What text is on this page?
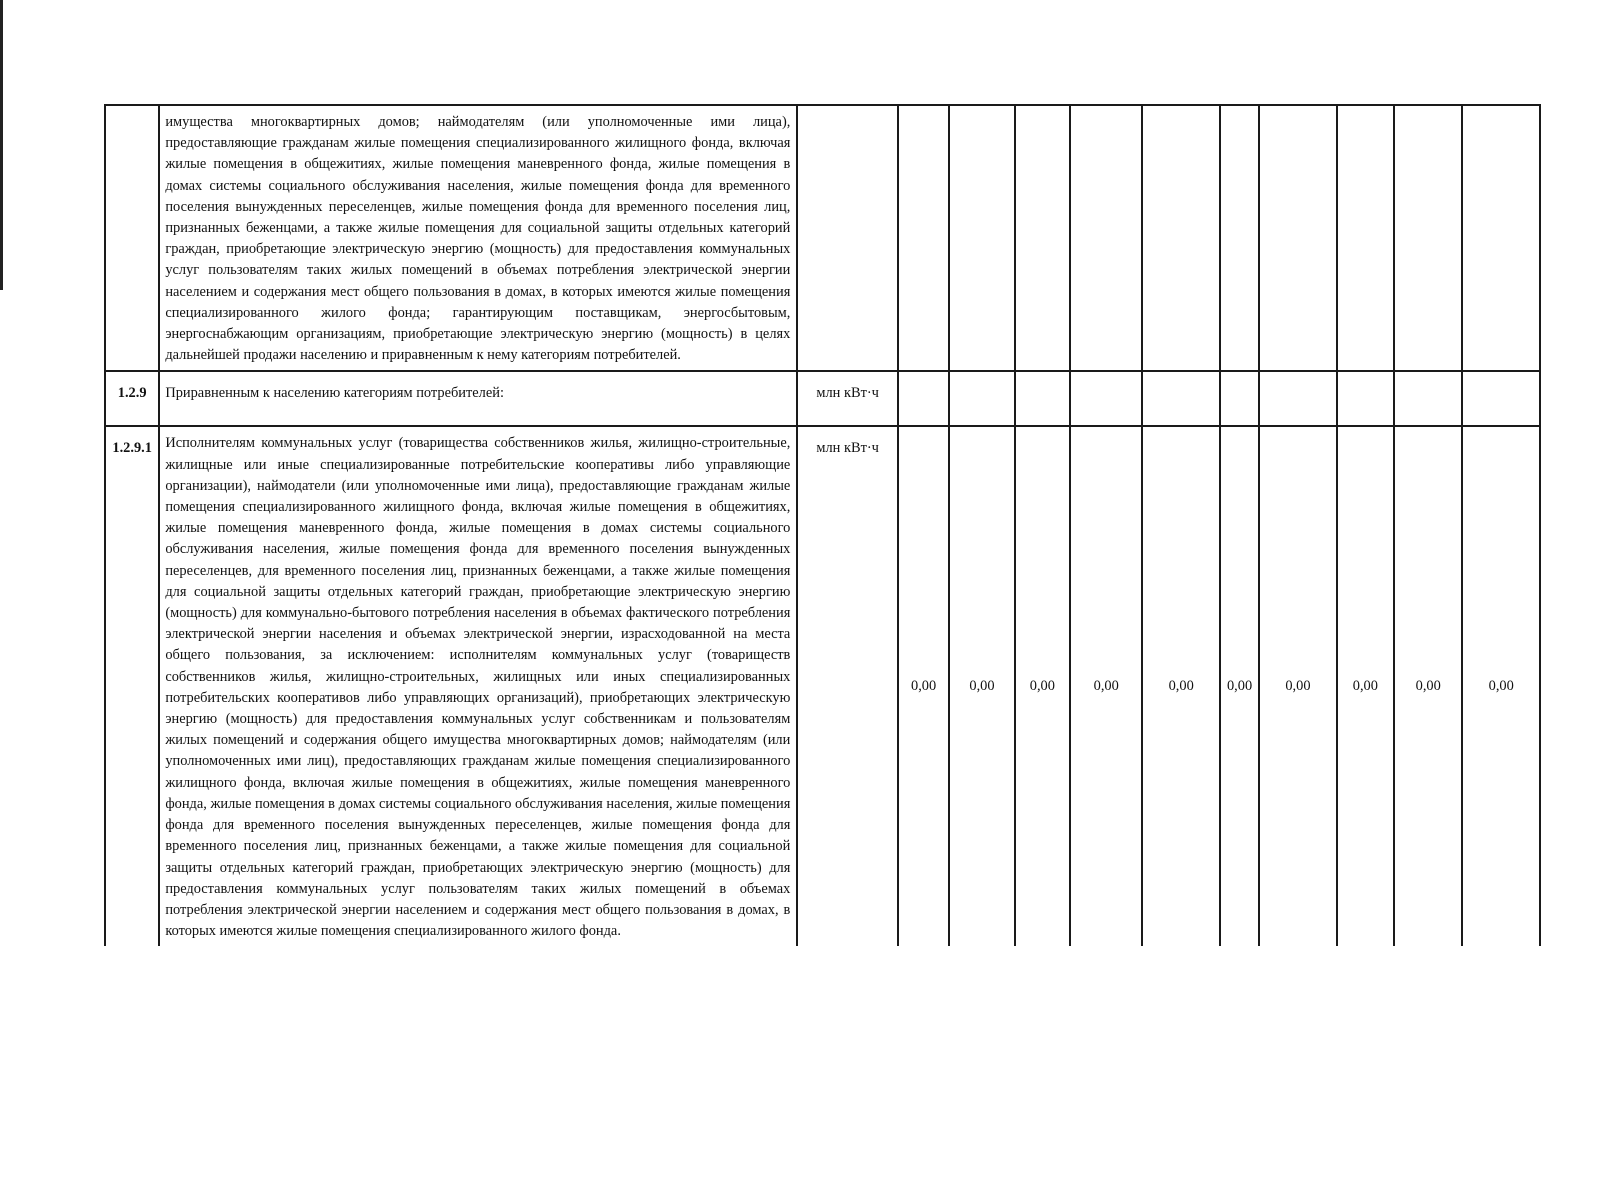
	имущества многоквартирных домов; наймодателям (или уполномоченные ими лица), предоставляющие гражданам жилые помещения специализированного жилищного фонда, включая жилые помещения в общежитиях, жилые помещения маневренного фонда, жилые помещения в домах системы социального обслуживания населения, жилые помещения фонда для временного поселения вынужденных переселенцев, жилые помещения фонда для временного поселения лиц, признанных беженцами, а также жилые помещения для социальной защиты отдельных категорий граждан, приобретающие электрическую энергию (мощность) для предоставления коммунальных услуг пользователям таких жилых помещений в объемах потребления электрической энергии населением и содержания мест общего пользования в домах, в которых имеются жилые помещения специализированного жилого фонда; гарантирующим поставщикам, энергосбытовым, энергоснабжающим организациям, приобретающие электрическую энергию (мощность) в целях дальнейшей продажи населению и приравненным к нему категориям потребителей.											
1.2.9	Приравненным к населению категориям потребителей:	млн кВт·ч										
1.2.9.1	Исполнителям коммунальных услуг (товарищества собственников жилья, жилищно-строительные, жилищные или иные специализированные потребительские кооперативы либо управляющие организации), наймодатели (или уполномоченные ими лица), предоставляющие гражданам жилые помещения специализированного жилищного фонда, включая жилые помещения в общежитиях, жилые помещения маневренного фонда, жилые помещения в домах системы социального обслуживания населения, жилые помещения фонда для временного поселения вынужденных переселенцев, для временного поселения лиц, признанных беженцами, а также жилые помещения для социальной защиты отдельных категорий граждан, приобретающие электрическую энергию (мощность) для коммунально-бытового потребления населения в объемах фактического потребления электрической энергии населения и объемах электрической энергии, израсходованной на места общего пользования, за исключением: исполнителям коммунальных услуг (товариществ собственников жилья, жилищно-строительных, жилищных или иных специализированных потребительских кооперативов либо управляющих организаций), приобретающих электрическую энергию (мощность) для предоставления коммунальных услуг собственникам и пользователям жилых помещений и содержания общего имущества многоквартирных домов; наймодателям (или уполномоченных ими лиц), предоставляющих гражданам жилые помещения специализированного жилищного фонда, включая жилые помещения в общежитиях, жилые помещения маневренного фонда, жилые помещения в домах системы социального обслуживания населения, жилые помещения фонда для временного поселения вынужденных переселенцев, жилые помещения фонда для временного поселения лиц, признанных беженцами, а также жилые помещения для социальной защиты отдельных категорий граждан, приобретающих электрическую энергию (мощность) для предоставления коммунальных услуг пользователям таких жилых помещений в объемах потребления электрической энергии населением и содержания мест общего пользования в домах, в которых имеются жилые помещения специализированного жилого фонда.	млн кВт·ч	0,00	0,00	0,00	0,00	0,00	0,00	0,00	0,00	0,00	0,00
